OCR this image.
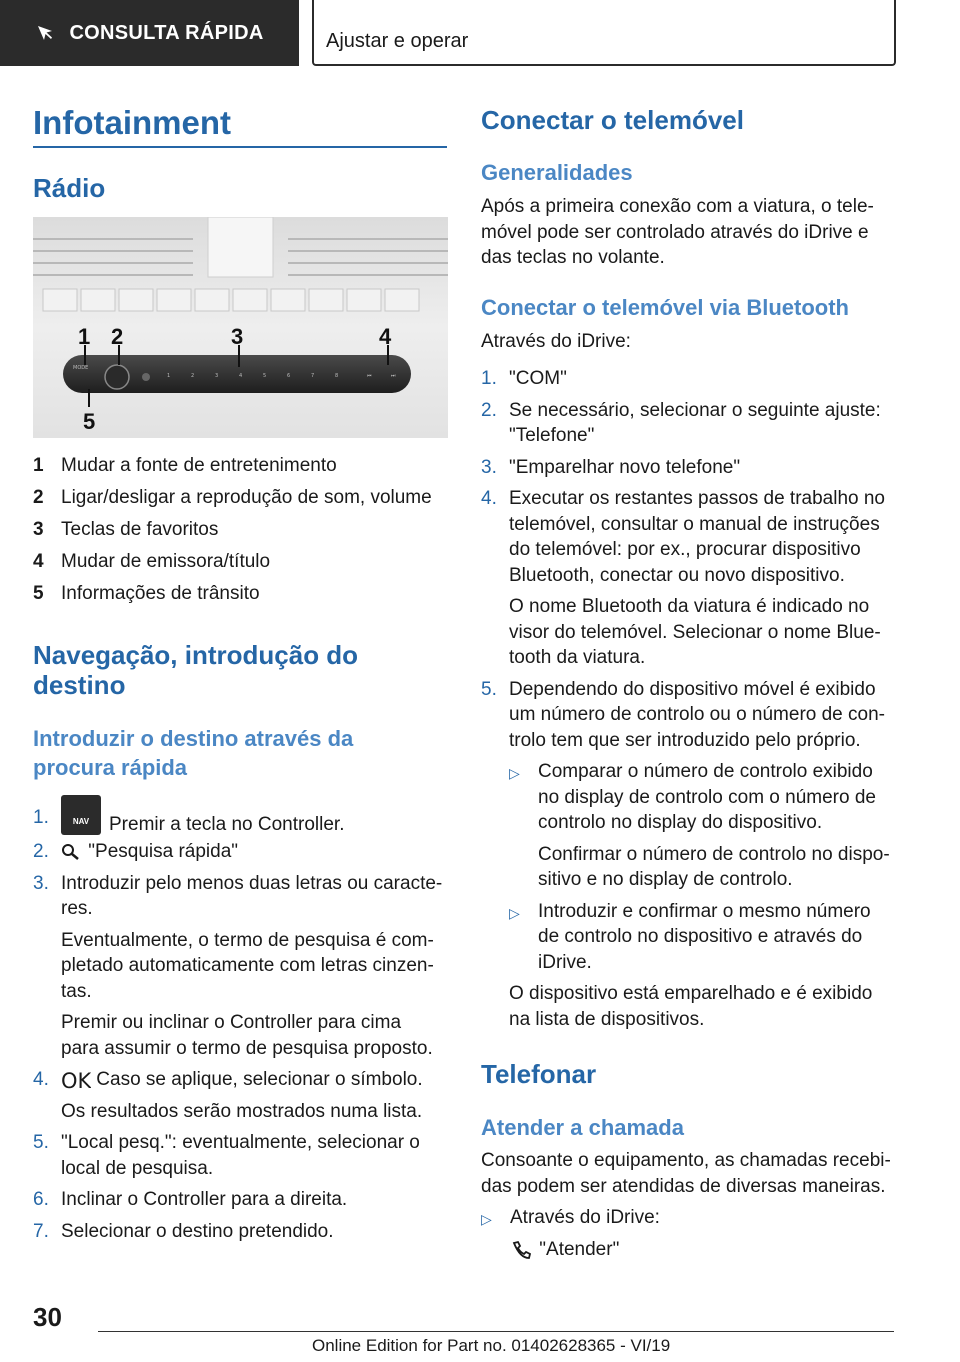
CONSULTA RÁPIDA	Ajustar e operar
Infotainment
Rádio
MODE
1	2	3	4	5	6	7	8	⏮	⏭
1 2	3	4
5
1 Mudar a fonte de entretenimento
2 Ligar/desligar a reprodução de som, volume
3 Teclas de favoritos
4 Mudar de emissora/título
5 Informações de trânsito
Navegação, introdução do
destino
Introduzir o destino através da
procura rápida
1.	NAV	Premir a tecla no Controller.
2.	"Pesquisa rápida"
3. Introduzir pelo menos duas letras ou caracte-res.

Eventualmente, o termo de pesquisa é com-pletado automaticamente com letras cinzen-tas.

Premir ou inclinar o Controller para cima para assumir o termo de pesquisa proposto.

4. OK Caso se aplique, selecionar o símbolo.

Os resultados serão mostrados numa lista.

5. "Local pesq.": eventualmente, selecionar o local de pesquisa.

6. Inclinar o Controller para a direita.

7. Selecionar o destino pretendido.

Conectar o telemóvel
Generalidades
Após a primeira conexão com a viatura, o tele-móvel pode ser controlado através do iDrive e das teclas no volante.
Conectar o telemóvel via Bluetooth
Através do iDrive:
1. "COM"

2. Se necessário, selecionar o seguinte ajuste: "Telefone"

3. "Emparelhar novo telefone"

4. Executar os restantes passos de trabalho no telemóvel, consultar o manual de instruções do telemóvel: por ex., procurar dispositivo Bluetooth, conectar ou novo dispositivo.

O nome Bluetooth da viatura é indicado no visor do telemóvel. Selecionar o nome Blue-tooth da viatura.

5. Dependendo do dispositivo móvel é exibido um número de controlo ou o número de con-trolo tem que ser introduzido pelo próprio.

▷ Comparar o número de controlo exibido no display de controlo com o número de controlo no display do dispositivo.

Confirmar o número de controlo no dispo-sitivo e no display de controlo.

▷ Introduzir e confirmar o mesmo número de controlo no dispositivo e através do iDrive.

O dispositivo está emparelhado e é exibido na lista de dispositivos.

Telefonar
Atender a chamada
Consoante o equipamento, as chamadas recebi-das podem ser atendidas de diversas maneiras.
▷ Através do iDrive:
"Atender"
30
Online Edition for Part no. 01402628365 - VI/19
